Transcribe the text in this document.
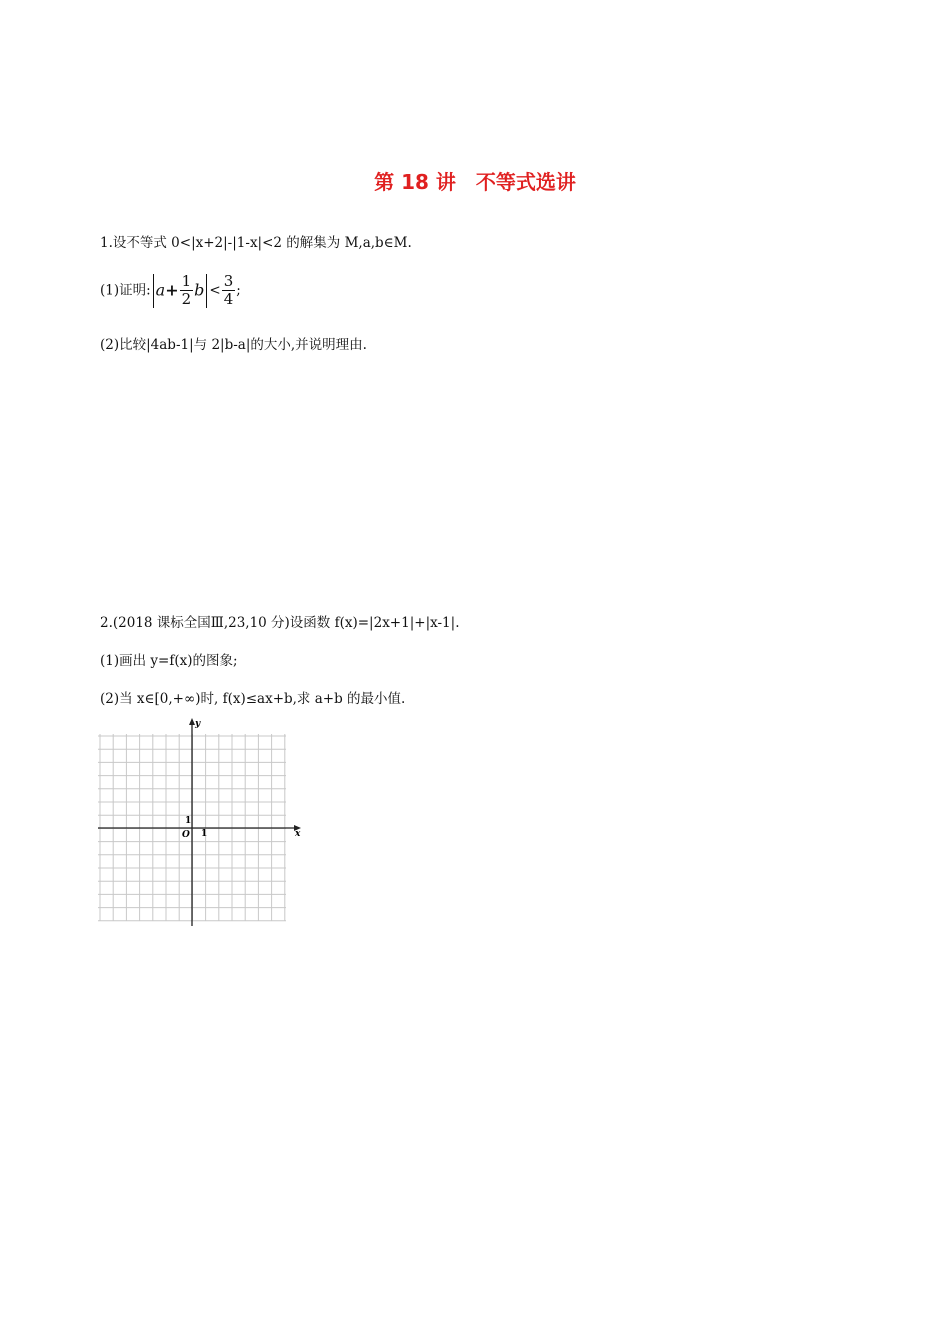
第 18 讲　不等式选讲
1.设不等式 0<|x+2|-|1-x|<2 的解集为 M,a,b∈M.
(1)证明: $a+ \frac{1}{2}$ $b < \frac{3}{4}$ ;
(2)比较|4ab-1|与 2|b-a|的大小,并说明理由.
2.(2018 课标全国Ⅲ,23,10 分)设函数 f(x)=|2x+1|+|x-1|.
(1)画出 y=f(x)的图象;
(2)当 x∈[0,+∞)时, f(x)≤ax+b,求 a+b 的最小值.
x
y
O 1
1
